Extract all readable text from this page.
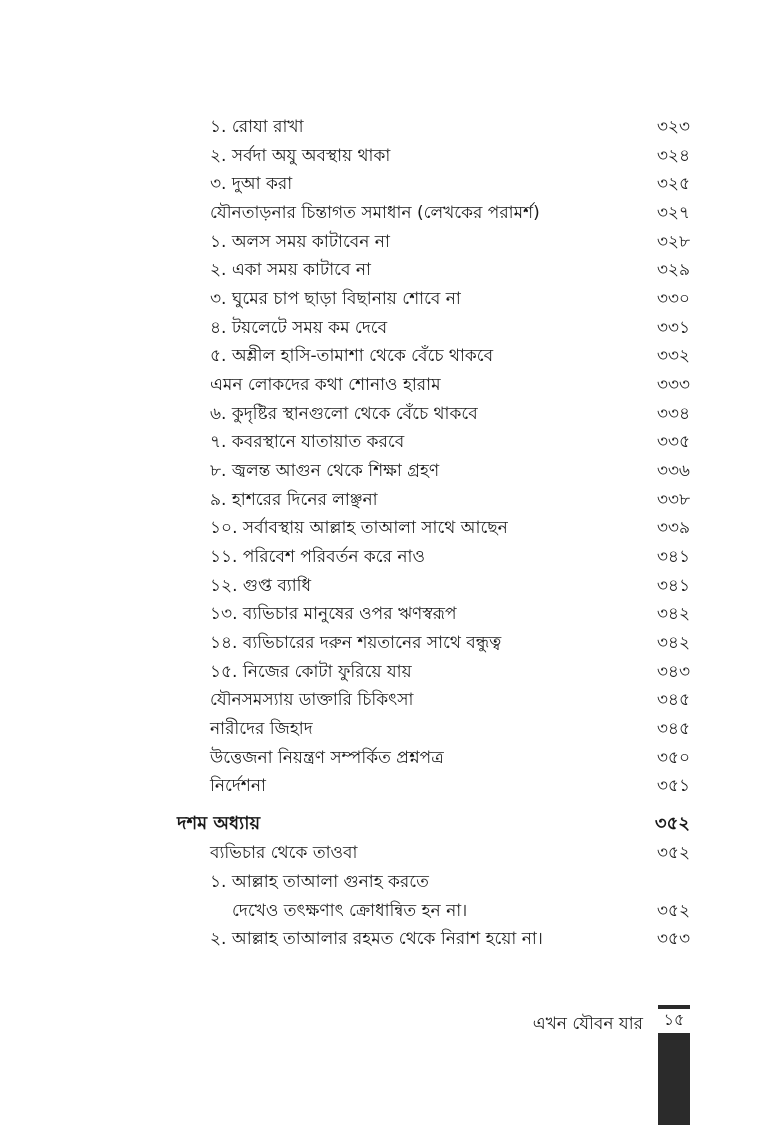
১. রোযা রাখা	৩২৩
২. সর্বদা অযু অবস্থায় থাকা	৩২৪
৩. দুআ করা	৩২৫
যৌনতাড়নার চিন্তাগত সমাধান (লেখকের পরামর্শ)	৩২৭
১. অলস সময় কাটাবেন না	৩২৮
২. একা সময় কাটাবে না	৩২৯
৩. ঘুমের চাপ ছাড়া বিছানায় শোবে না	৩৩০
৪. টয়লেটে সময় কম দেবে	৩৩১
৫. অশ্লীল হাসি-তামাশা থেকে বেঁচে থাকবে	৩৩২
এমন লোকদের কথা শোনাও হারাম	৩৩৩
৬. কুদৃষ্টির স্থানগুলো থেকে বেঁচে থাকবে	৩৩৪
৭. কবরস্থানে যাতায়াত করবে	৩৩৫
৮. জ্বলন্ত আগুন থেকে শিক্ষা গ্রহণ	৩৩৬
৯. হাশরের দিনের লাঞ্ছনা	৩৩৮
১০. সর্বাবস্থায় আল্লাহ তাআলা সাথে আছেন	৩৩৯
১১. পরিবেশ পরিবর্তন করে নাও	৩৪১
১২. গুপ্ত ব্যাধি	৩৪১
১৩. ব্যভিচার মানুষের ওপর ঋণস্বরূপ	৩৪২
১৪. ব্যভিচারের দরুন শয়তানের সাথে বন্ধুত্ব	৩৪২
১৫. নিজের কোটা ফুরিয়ে যায়	৩৪৩
যৌনসমস্যায় ডাক্তারি চিকিৎসা	৩৪৫
নারীদের জিহাদ	৩৪৫
উত্তেজনা নিয়ন্ত্রণ সম্পর্কিত প্রশ্নপত্র	৩৫০
নির্দেশনা	৩৫১
দশম অধ্যায়	৩৫২
ব্যভিচার থেকে তাওবা	৩৫২
১. আল্লাহ তাআলা গুনাহ করতে
দেখেও তৎক্ষণাৎ ক্রোধান্বিত হন না।	৩৫২
২. আল্লাহ তাআলার রহমত থেকে নিরাশ হয়ো না।	৩৫৩
এখন যৌবন যার	১৫
